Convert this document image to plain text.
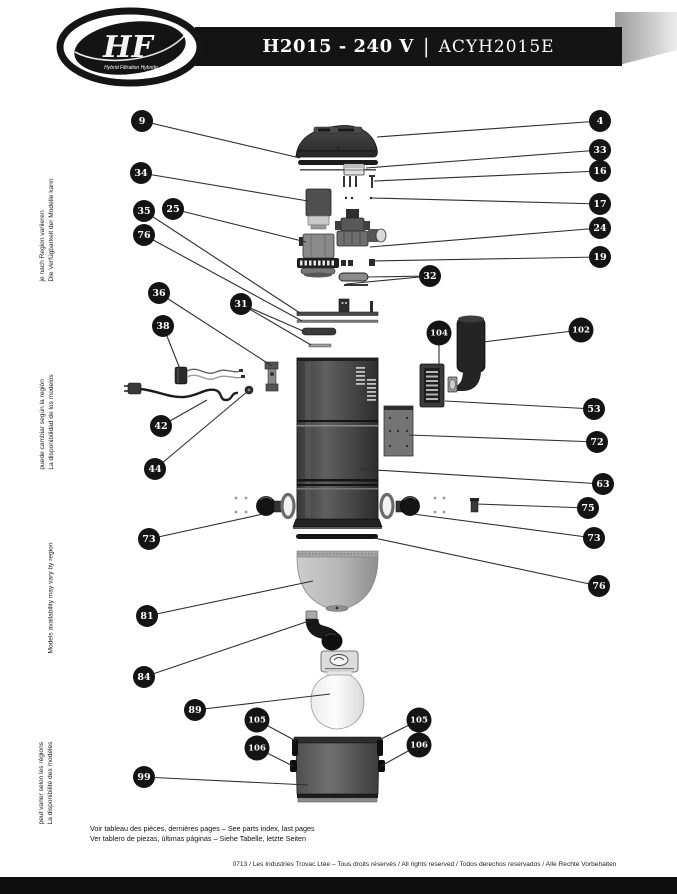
9	4
34
33
16
17
35 25
24
76
19
32
36
31
38
104	102
42
44
53
72
63
75
73
73
76
81
84
89
105	105
106	106
99
H2015 - 240 V | ACYH2015E
HF
Hybrid Filtration Hybride
Die Verfügbarkeit der Modelle kann
je nach Region variieren
La disponibilidad de los modelos
puede cambiar según la región
Models availability may vary by region
La disponibilité des modèles
peut varier selon les régions
Voir tableau des pièces, dernières pages – See parts index, last pages
Ver tablero de piezas, últimas páginas – Siehe Tabelle, letzte Seiten
0713 / Les Industries Trovac Ltée – Tous droits réservés / All rights reserved / Todos derechos reservados / Alle Rechte Vorbehalten
